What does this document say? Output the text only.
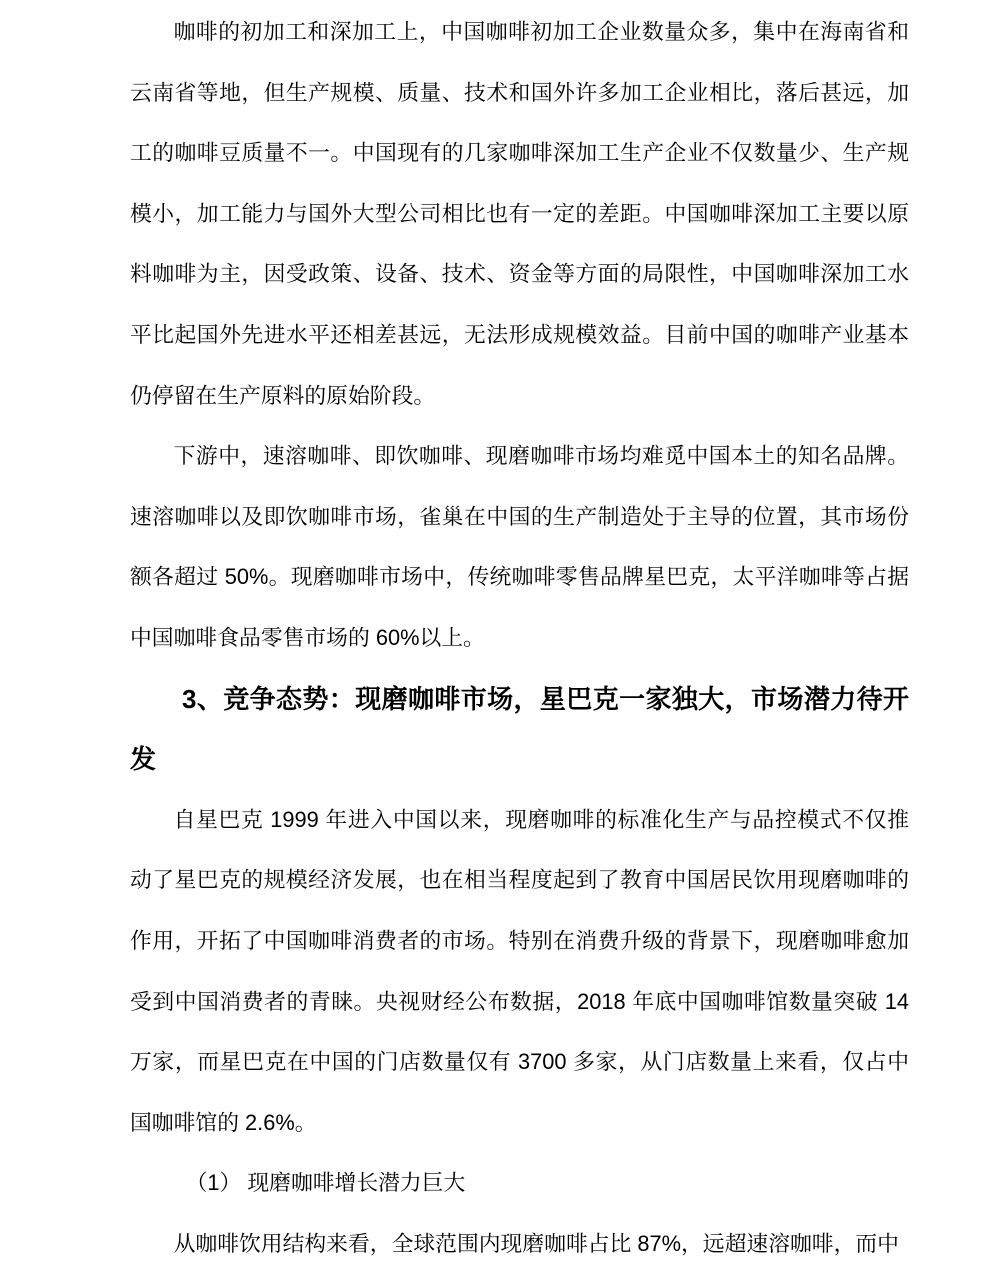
咖啡的初加工和深加工上，中国咖啡初加工企业数量众多，集中在海南省和云南省等地，但生产规模、质量、技术和国外许多加工企业相比，落后甚远，加工的咖啡豆质量不一。中国现有的几家咖啡深加工生产企业不仅数量少、生产规模小，加工能力与国外大型公司相比也有一定的差距。中国咖啡深加工主要以原料咖啡为主，因受政策、设备、技术、资金等方面的局限性，中国咖啡深加工水平比起国外先进水平还相差甚远，无法形成规模效益。目前中国的咖啡产业基本仍停留在生产原料的原始阶段。

下游中，速溶咖啡、即饮咖啡、现磨咖啡市场均难觅中国本土的知名品牌。速溶咖啡以及即饮咖啡市场，雀巢在中国的生产制造处于主导的位置，其市场份额各超过 50%。现磨咖啡市场中，传统咖啡零售品牌星巴克，太平洋咖啡等占据中国咖啡食品零售市场的 60%以上。

3、竞争态势：现磨咖啡市场，星巴克一家独大，市场潜力待开发

自星巴克 1999 年进入中国以来，现磨咖啡的标准化生产与品控模式不仅推动了星巴克的规模经济发展，也在相当程度起到了教育中国居民饮用现磨咖啡的作用，开拓了中国咖啡消费者的市场。特别在消费升级的背景下，现磨咖啡愈加受到中国消费者的青睐。央视财经公布数据，2018 年底中国咖啡馆数量突破 14 万家，而星巴克在中国的门店数量仅有 3700 多家，从门店数量上来看，仅占中国咖啡馆的 2.6%。

（1） 现磨咖啡增长潜力巨大

从咖啡饮用结构来看，全球范围内现磨咖啡占比 87%，远超速溶咖啡，而中
